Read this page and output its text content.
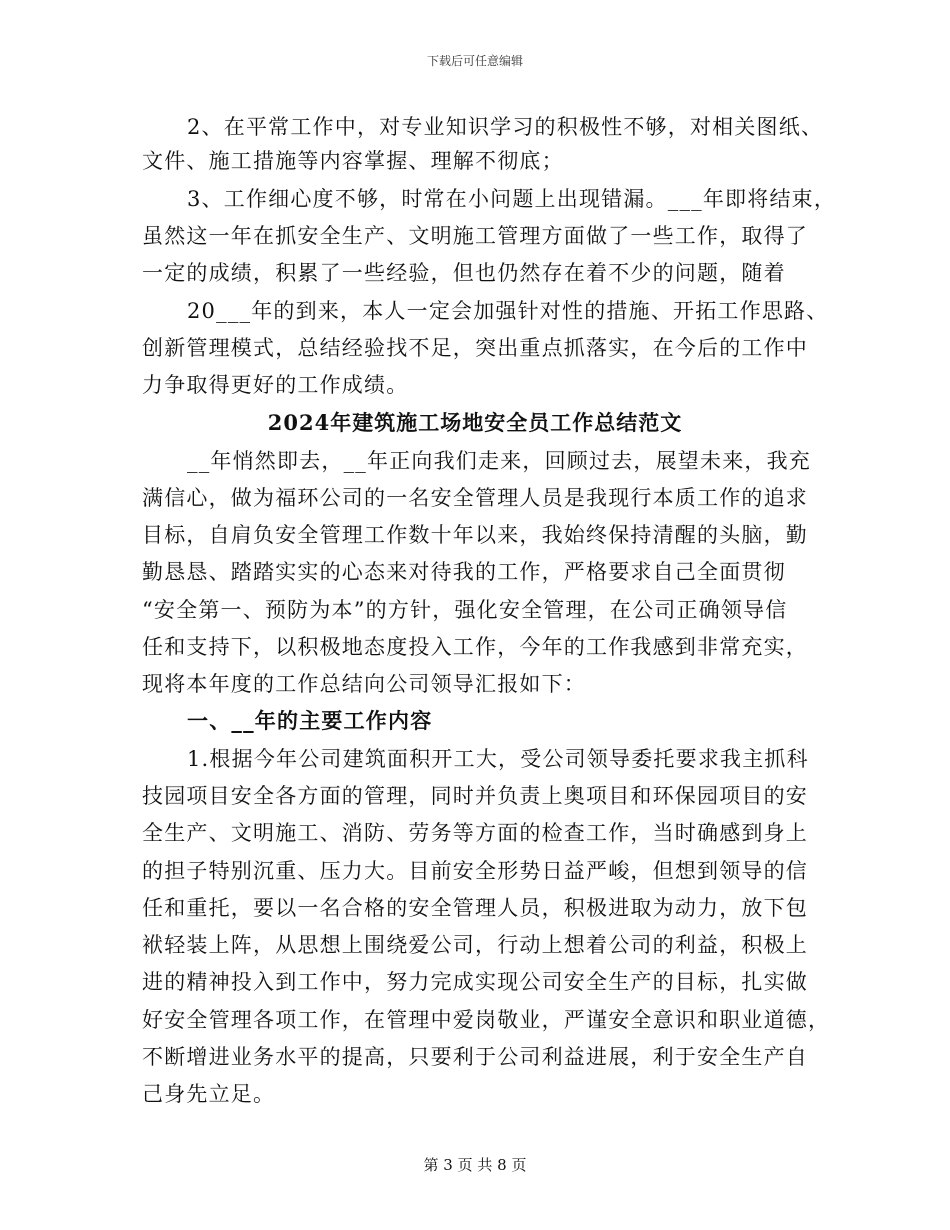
下载后可任意编辑
2、在平常工作中，对专业知识学习的积极性不够，对相关图纸、
文件、施工措施等内容掌握、理解不彻底；
3、工作细心度不够，时常在小问题上出现错漏。___年即将结束，
虽然这一年在抓安全生产、文明施工管理方面做了一些工作，取得了
一定的成绩，积累了一些经验，但也仍然存在着不少的问题，随着
20___年的到来，本人一定会加强针对性的措施、开拓工作思路、
创新管理模式，总结经验找不足，突出重点抓落实，在今后的工作中
力争取得更好的工作成绩。
2024年建筑施工场地安全员工作总结范文
__年悄然即去，__年正向我们走来，回顾过去，展望未来，我充
满信心，做为福环公司的一名安全管理人员是我现行本质工作的追求
目标，自肩负安全管理工作数十年以来，我始终保持清醒的头脑，勤
勤恳恳、踏踏实实的心态来对待我的工作，严格要求自己全面贯彻
“安全第一、预防为本”的方针，强化安全管理，在公司正确领导信
任和支持下，以积极地态度投入工作，今年的工作我感到非常充实，
现将本年度的工作总结向公司领导汇报如下：
一、__年的主要工作内容
1.根据今年公司建筑面积开工大，受公司领导委托要求我主抓科
技园项目安全各方面的管理，同时并负责上奥项目和环保园项目的安
全生产、文明施工、消防、劳务等方面的检查工作，当时确感到身上
的担子特别沉重、压力大。目前安全形势日益严峻，但想到领导的信
任和重托，要以一名合格的安全管理人员，积极进取为动力，放下包
袱轻装上阵，从思想上围绕爱公司，行动上想着公司的利益，积极上
进的精神投入到工作中，努力完成实现公司安全生产的目标，扎实做
好安全管理各项工作，在管理中爱岗敬业，严谨安全意识和职业道德，
不断增进业务水平的提高，只要利于公司利益进展，利于安全生产自
己身先立足。
第 3 页 共 8 页
